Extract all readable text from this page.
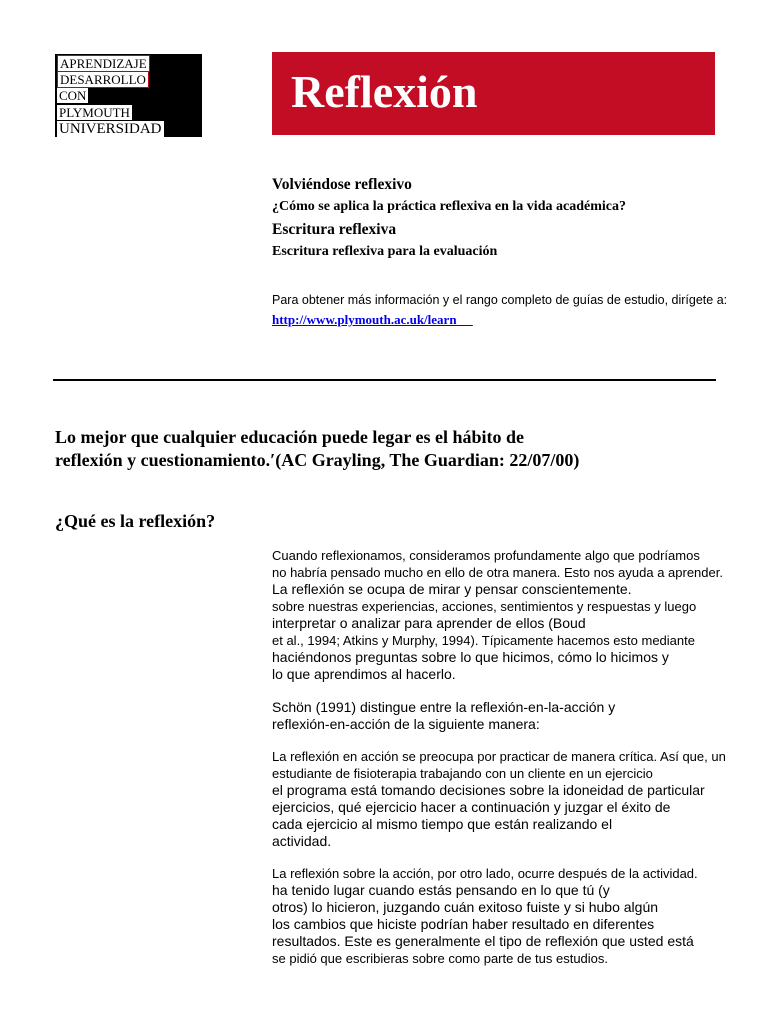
APRENDIZAJE
DESARROLLO
CON
PLYMOUTH
UNIVERSIDAD
Reflexión
Volviéndose reflexivo
¿Cómo se aplica la práctica reflexiva en la vida académica?
Escritura reflexiva
Escritura reflexiva para la evaluación
Para obtener más información y el rango completo de guías de estudio, dirígete a:
http://www.plymouth.ac.uk/learn
Lo mejor que cualquier educación puede legar es el hábito de
reflexión y cuestionamiento.′(AC Grayling, The Guardian: 22/07/00)
¿Qué es la reflexión?
Cuando reflexionamos, consideramos profundamente algo que podríamos
no habría pensado mucho en ello de otra manera. Esto nos ayuda a aprender.
La reflexión se ocupa de mirar y pensar conscientemente.
sobre nuestras experiencias, acciones, sentimientos y respuestas y luego
interpretar o analizar para aprender de ellos (Boud
et al., 1994; Atkins y Murphy, 1994). Típicamente hacemos esto mediante
haciéndonos preguntas sobre lo que hicimos, cómo lo hicimos y
lo que aprendimos al hacerlo.
Schön (1991) distingue entre la reflexión-en-la-acción y
reflexión-en-acción de la siguiente manera:
La reflexión en acción se preocupa por practicar de manera crítica. Así que, un
estudiante de fisioterapia trabajando con un cliente en un ejercicio
el programa está tomando decisiones sobre la idoneidad de particular
ejercicios, qué ejercicio hacer a continuación y juzgar el éxito de
cada ejercicio al mismo tiempo que están realizando el
actividad.
La reflexión sobre la acción, por otro lado, ocurre después de la actividad.
ha tenido lugar cuando estás pensando en lo que tú (y
otros) lo hicieron, juzgando cuán exitoso fuiste y si hubo algún
los cambios que hiciste podrían haber resultado en diferentes
resultados. Este es generalmente el tipo de reflexión que usted está
se pidió que escribieras sobre como parte de tus estudios.
